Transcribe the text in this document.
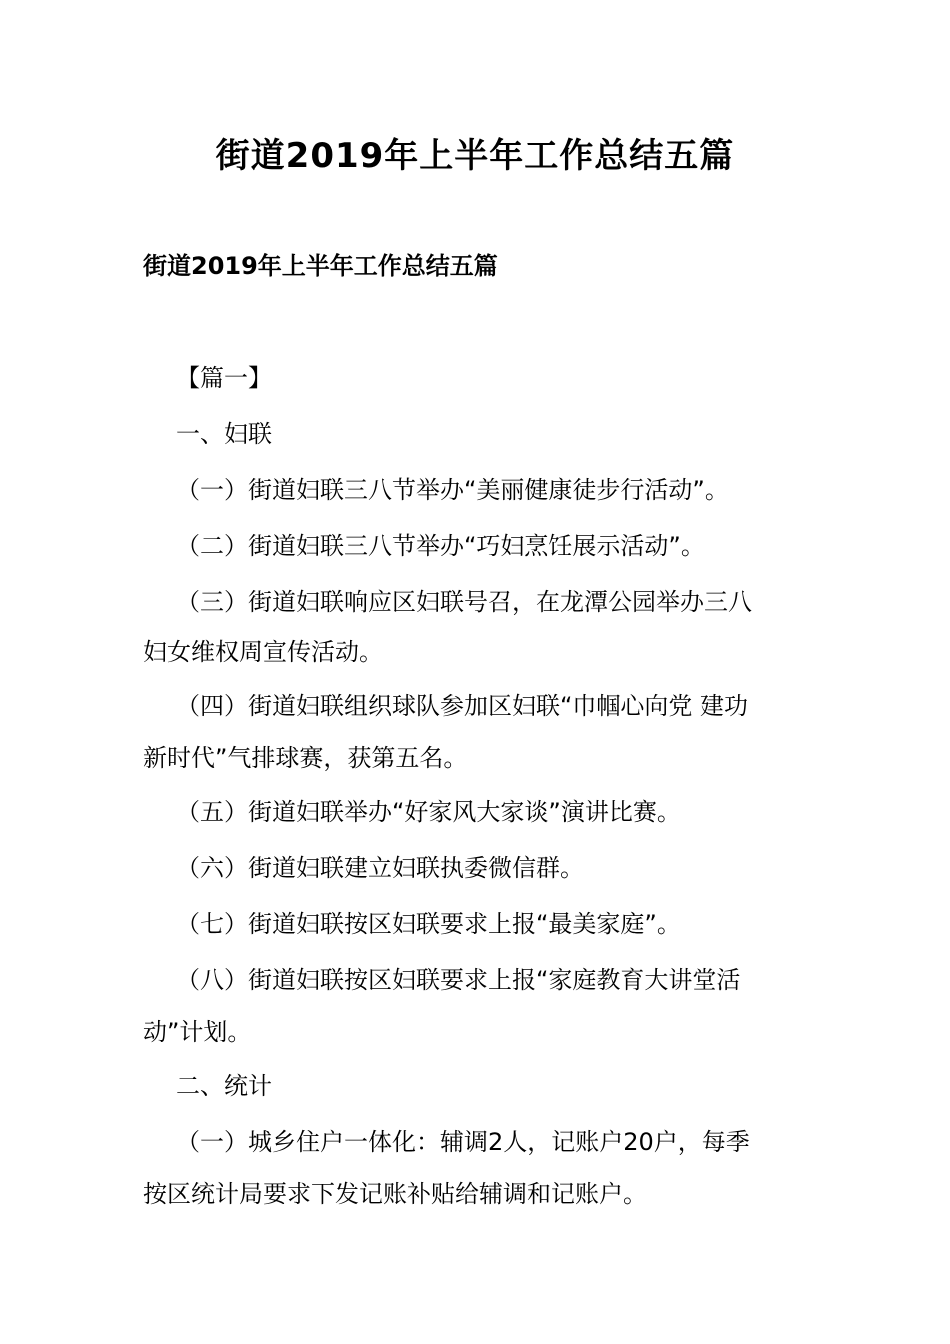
街道2019年上半年工作总结五篇
街道2019年上半年工作总结五篇
【篇一】
一、妇联
（一）街道妇联三八节举办“美丽健康徒步行活动”。
（二）街道妇联三八节举办“巧妇烹饪展示活动”。
（三）街道妇联响应区妇联号召，在龙潭公园举办三八
妇女维权周宣传活动。
（四）街道妇联组织球队参加区妇联“巾帼心向党 建功
新时代”气排球赛，获第五名。
（五）街道妇联举办“好家风大家谈”演讲比赛。
（六）街道妇联建立妇联执委微信群。
（七）街道妇联按区妇联要求上报“最美家庭”。
（八）街道妇联按区妇联要求上报“家庭教育大讲堂活
动”计划。
二、统计
（一）城乡住户一体化：辅调2人，记账户20户，每季
按区统计局要求下发记账补贴给辅调和记账户。
